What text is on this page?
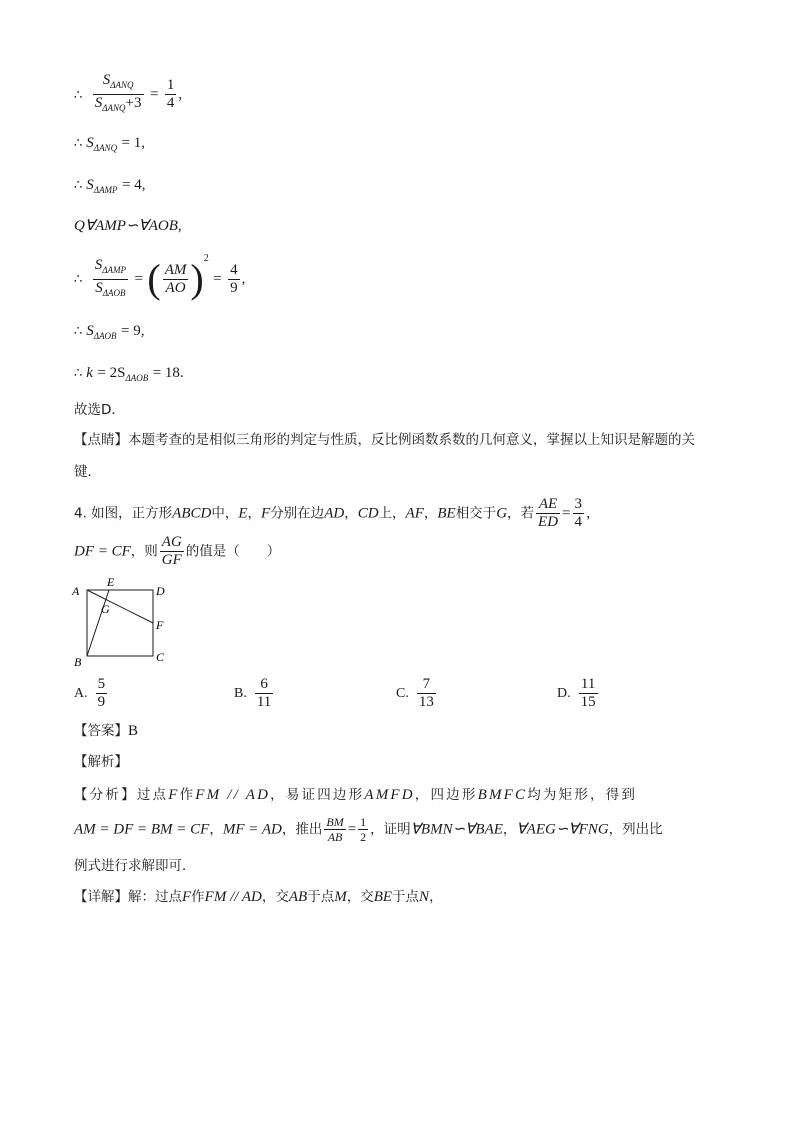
∴
$S_{\Delta ANQ}$
$S_{\Delta ANQ}+3$
= $\frac{1}{4}$ ,
∴ $S_{\Delta ANQ} = 1$,
∴ $S_{\Delta AMP} = 4$,
Q∀AMP∽∀AOB,
∴
$S_{\Delta AMP}$
$S_{\Delta AOB}$
= ( $\frac{AM}{AO} )^2 = \frac{4}{9}$ ,
∴ $S_{\Delta AOB} = 9$,
∴ $k = 2S_{\Delta AOB} = 18$.
故选D．
【点睛】本题考查的是相似三角形的判定与性质，反比例函数系数的几何意义，掌握以上知识是解题的关
键．
4. 如图，正方形ABCD中，E，F分别在边AD，CD上，AF，BE相交于G，若 $\frac{AE}{ED} = \frac{3}{4}$ ，
DF = CF，则 $\frac{AG}{GF}$ 的值是（　　）
A
E
D
G
F
B	C
A. $\frac{5}{9}$	B. $\frac{6}{11}$	C. $\frac{7}{13}$	D. $\frac{11}{15}$
【答案】B
【解析】
【分析】过点F作FM // AD，易证四边形AMFD，四边形BMFC均为矩形，得到
AM = DF = BM = CF，MF = AD，推出 $\frac{BM}{AB} = \frac{1}{2}$ ，证明∀BMN∽∀BAE，∀AEG∽∀FNG，列出比
例式进行求解即可．
【详解】解：过点F作FM // AD，交AB于点M，交BE于点N，
